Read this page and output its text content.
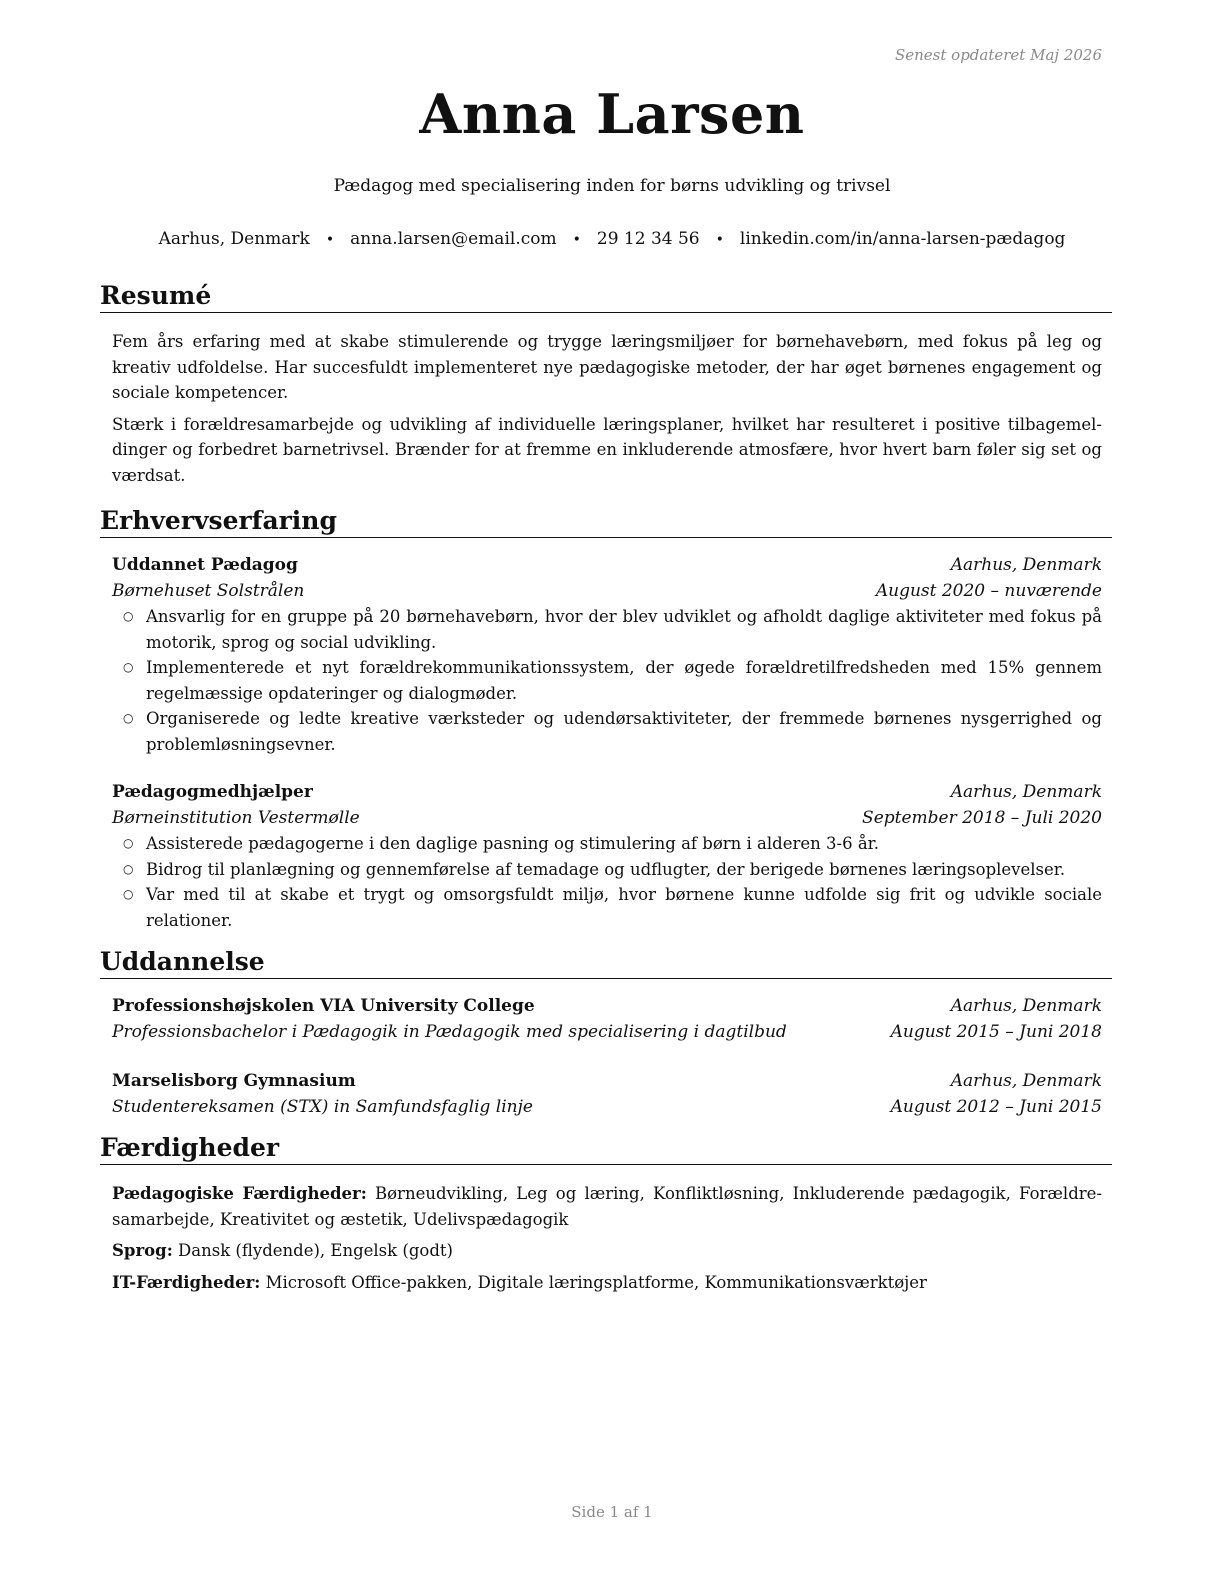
Senest opdateret Maj 2026
Anna Larsen
Pædagog med specialisering inden for børns udvikling og trivsel
Aarhus, Denmark • anna.larsen@email.com • 29 12 34 56 • linkedin.com/in/anna-larsen-pædagog
Resumé

Fem års erfaring med at skabe stimulerende og trygge læringsmiljøer for børnehavebørn, med fokus på leg og kreativ udfoldelse. Har succesfuldt implementeret nye pædagogiske metoder, der har øget børnenes engagement og sociale kompetencer.

Stærk i forældresamarbejde og udvikling af individuelle læringsplaner, hvilket har resulteret i positive tilbagemeldinger og forbedret barnetrivsel. Brænder for at fremme en inkluderende atmosfære, hvor hvert barn føler sig set og værdsat.

Erhvervserfaring
Uddannet Pædagog	Aarhus, Denmark
Børnehuset Solstrålen	August 2020 – nuværende
○ Ansvarlig for en gruppe på 20 børnehavebørn, hvor der blev udviklet og afholdt daglige aktiviteter med fokus på motorik, sprog og social udvikling.
○ Implementerede et nyt forældrekommunikationssystem, der øgede forældretilfredsheden med 15% gennem regelmæssige opdateringer og dialogmøder.
○ Organiserede og ledte kreative værksteder og udendørsaktiviteter, der fremmede børnenes nysgerrighed og problemløsningsevner.
Pædagogmedhjælper	Aarhus, Denmark
Børneinstitution Vestermølle	September 2018 – Juli 2020
○ Assisterede pædagogerne i den daglige pasning og stimulering af børn i alderen 3-6 år.
○ Bidrog til planlægning og gennemførelse af temadage og udflugter, der berigede børnenes læringsoplevelser.
○ Var med til at skabe et trygt og omsorgsfuldt miljø, hvor børnene kunne udfolde sig frit og udvikle sociale relationer.
Uddannelse
Professionshøjskolen VIA University College	Aarhus, Denmark
Professionsbachelor i Pædagogik in Pædagogik med specialisering i dagtilbud	August 2015 – Juni 2018
Marselisborg Gymnasium	Aarhus, Denmark
Studentereksamen (STX) in Samfundsfaglig linje	August 2012 – Juni 2015
Færdigheder

Pædagogiske Færdigheder: Børneudvikling, Leg og læring, Konfliktløsning, Inkluderende pædagogik, Forældresamarbejde, Kreativitet og æstetik, Udelivspædagogik

Sprog: Dansk (flydende), Engelsk (godt)

IT-Færdigheder: Microsoft Office-pakken, Digitale læringsplatforme, Kommunikationsværktøjer

Side 1 af 1
